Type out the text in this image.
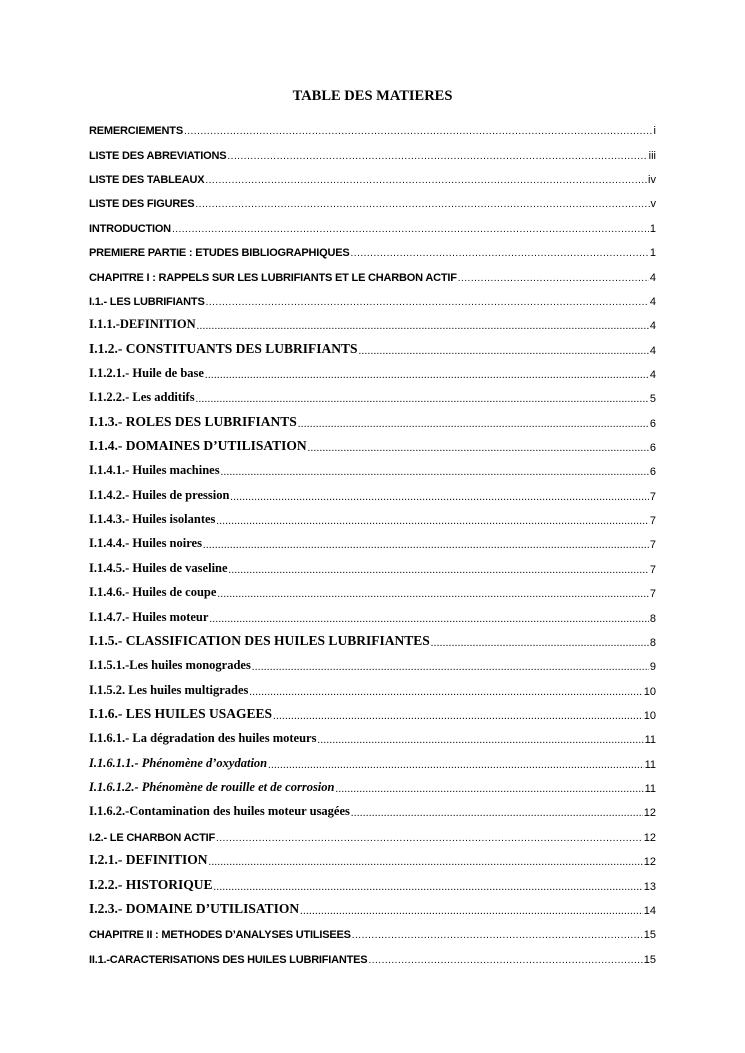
TABLE DES MATIERES
REMERCIEMENTS .....	i
LISTE DES ABREVIATIONS .....	iii
LISTE DES TABLEAUX .....	iv
LISTE DES FIGURES .....	v
INTRODUCTION .....	1
PREMIERE PARTIE : ETUDES BIBLIOGRAPHIQUES .....	1
CHAPITRE I : RAPPELS SUR LES LUBRIFIANTS ET LE CHARBON ACTIF .....	4
I.1.- LES LUBRIFIANTS .....	4
I.1.1.-DEFINITION .....	4
I.1.2.- CONSTITUANTS DES LUBRIFIANTS .....	4
I.1.2.1.- Huile de base .....	4
I.1.2.2.- Les additifs .....	5
I.1.3.- ROLES DES LUBRIFIANTS .....	6
I.1.4.- DOMAINES D’UTILISATION .....	6
I.1.4.1.- Huiles machines .....	6
I.1.4.2.- Huiles de pression .....	7
I.1.4.3.- Huiles isolantes .....	7
I.1.4.4.- Huiles noires .....	7
I.1.4.5.- Huiles de vaseline .....	7
I.1.4.6.- Huiles de coupe .....	7
I.1.4.7.- Huiles moteur .....	8
I.1.5.- CLASSIFICATION DES HUILES LUBRIFIANTES .....	8
I.1.5.1.-Les huiles monogrades .....	9
I.1.5.2. Les huiles multigrades .....	10
I.1.6.- LES HUILES USAGEES .....	10
I.1.6.1.- La dégradation des huiles moteurs .....	11
I.1.6.1.1.- Phénomène d’oxydation .....	11
I.1.6.1.2.- Phénomène de rouille et de corrosion .....	11
I.1.6.2.-Contamination des huiles moteur usagées .....	12
I.2.- LE CHARBON ACTIF .....	12
I.2.1.- DEFINITION .....	12
I.2.2.- HISTORIQUE .....	13
I.2.3.- DOMAINE D’UTILISATION .....	14
CHAPITRE II : METHODES D’ANALYSES UTILISEES .....	15
II.1.-CARACTERISATIONS DES HUILES LUBRIFIANTES .....	15
